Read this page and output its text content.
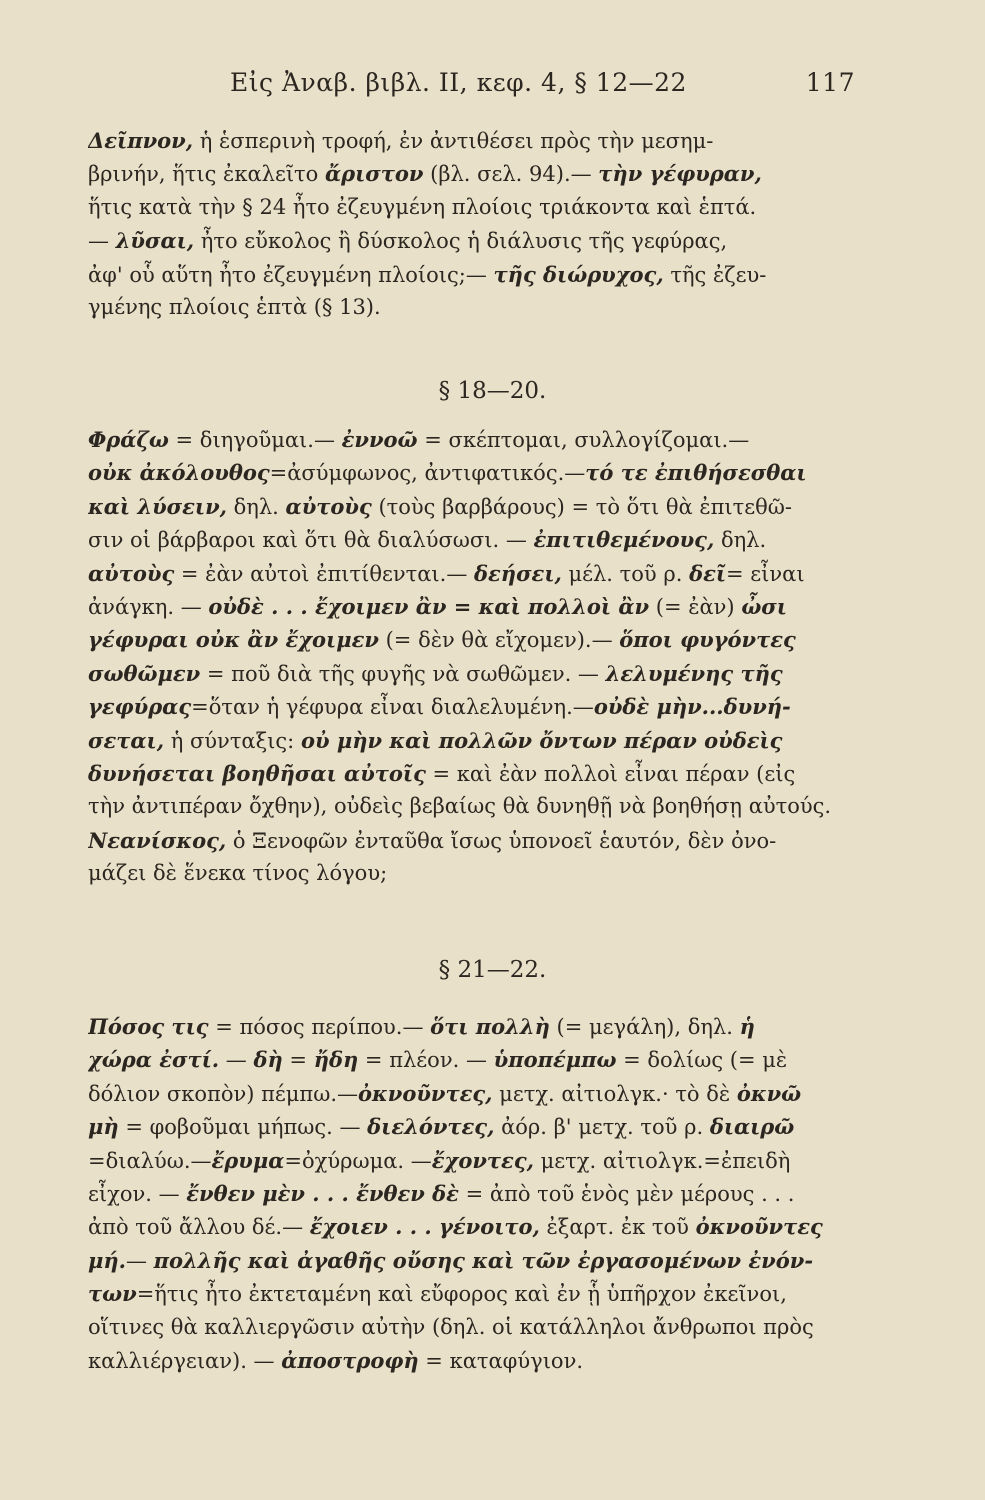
Εἰς Ἀναβ. βιβλ. II, κεφ. 4, § 12—22	117
Δεῖπνον, ἡ ἑσπερινὴ τροφή, ἐν ἀντιθέσει πρὸς τὴν μεσημ-
βρινήν, ἥτις ἐκαλεῖτο ἄριστον (βλ. σελ. 94).— τὴν γέφυραν,
ἥτις κατὰ τὴν § 24 ἦτο ἐζευγμένη πλοίοις τριάκοντα καὶ ἑπτά.
— λῦσαι, ἦτο εὔκολος ἢ δύσκολος ἡ διάλυσις τῆς γεφύρας,
ἀφ' οὗ αὕτη ἦτο ἐζευγμένη πλοίοις;— τῆς διώρυχος, τῆς ἐζευ-
γμένης πλοίοις ἑπτὰ (§ 13).
§ 18—20.
Φράζω = διηγοῦμαι.— ἐννοῶ = σκέπτομαι, συλλογίζομαι.—
οὐκ ἀκόλουθος=ἀσύμφωνος, ἀντιφατικός.—τό τε ἐπιθήσεσθαι
καὶ λύσειν, δηλ. αὐτοὺς (τοὺς βαρβάρους) = τὸ ὅτι θὰ ἐπιτεθῶ-
σιν οἱ βάρβαροι καὶ ὅτι θὰ διαλύσωσι. — ἐπιτιθεμένους, δηλ.
αὐτοὺς = ἐὰν αὐτοὶ ἐπιτίθενται.— δεήσει, μέλ. τοῦ ρ. δεῖ= εἶναι
ἀνάγκη. — οὐδὲ . . . ἔχοιμεν ἂν = καὶ πολλοὶ ἂν (= ἐὰν) ὦσι
γέφυραι οὐκ ἂν ἔχοιμεν (= δὲν θὰ εἴχομεν).— ὅποι φυγόντες
σωθῶμεν = ποῦ διὰ τῆς φυγῆς νὰ σωθῶμεν. — λελυμένης τῆς
γεφύρας=ὅταν ἡ γέφυρα εἶναι διαλελυμένη.—οὐδὲ μὴν...δυνή-
σεται, ἡ σύνταξις: οὐ μὴν καὶ πολλῶν ὄντων πέραν οὐδεὶς
δυνήσεται βοηθῆσαι αὐτοῖς = καὶ ἐὰν πολλοὶ εἶναι πέραν (εἰς
τὴν ἀντιπέραν ὄχθην), οὐδεὶς βεβαίως θὰ δυνηθῇ νὰ βοηθήσῃ αὐτούς.
Νεανίσκος, ὁ Ξενοφῶν ἐνταῦθα ἴσως ὑπονοεῖ ἑαυτόν, δὲν ὀνο-
μάζει δὲ ἕνεκα τίνος λόγου;
§ 21—22.
Πόσος τις = πόσος περίπου.— ὅτι πολλὴ (= μεγάλη), δηλ. ἡ
χώρα ἐστί. — δὴ = ἤδη = πλέον. — ὑποπέμπω = δολίως (= μὲ
δόλιον σκοπὸν) πέμπω.—ὀκνοῦντες, μετχ. αἰτιολγκ.· τὸ δὲ ὀκνῶ
μὴ = φοβοῦμαι μήπως. — διελόντες, ἀόρ. β' μετχ. τοῦ ρ. διαιρῶ
=διαλύω.—ἔρυμα=ὀχύρωμα. —ἔχοντες, μετχ. αἰτιολγκ.=ἐπειδὴ
εἶχον. — ἔνθεν μὲν . . . ἔνθεν δὲ = ἀπὸ τοῦ ἑνὸς μὲν μέρους . . .
ἀπὸ τοῦ ἄλλου δέ.— ἔχοιεν . . . γένοιτο, ἐξαρτ. ἐκ τοῦ ὀκνοῦντες
μή.— πολλῆς καὶ ἀγαθῆς οὔσης καὶ τῶν ἐργασομένων ἐνόν-
των=ἥτις ἦτο ἐκτεταμένη καὶ εὔφορος καὶ ἐν ᾗ ὑπῆρχον ἐκεῖνοι,
οἵτινες θὰ καλλιεργῶσιν αὐτὴν (δηλ. οἱ κατάλληλοι ἄνθρωποι πρὸς
καλλιέργειαν). — ἀποστροφὴ = καταφύγιον.
